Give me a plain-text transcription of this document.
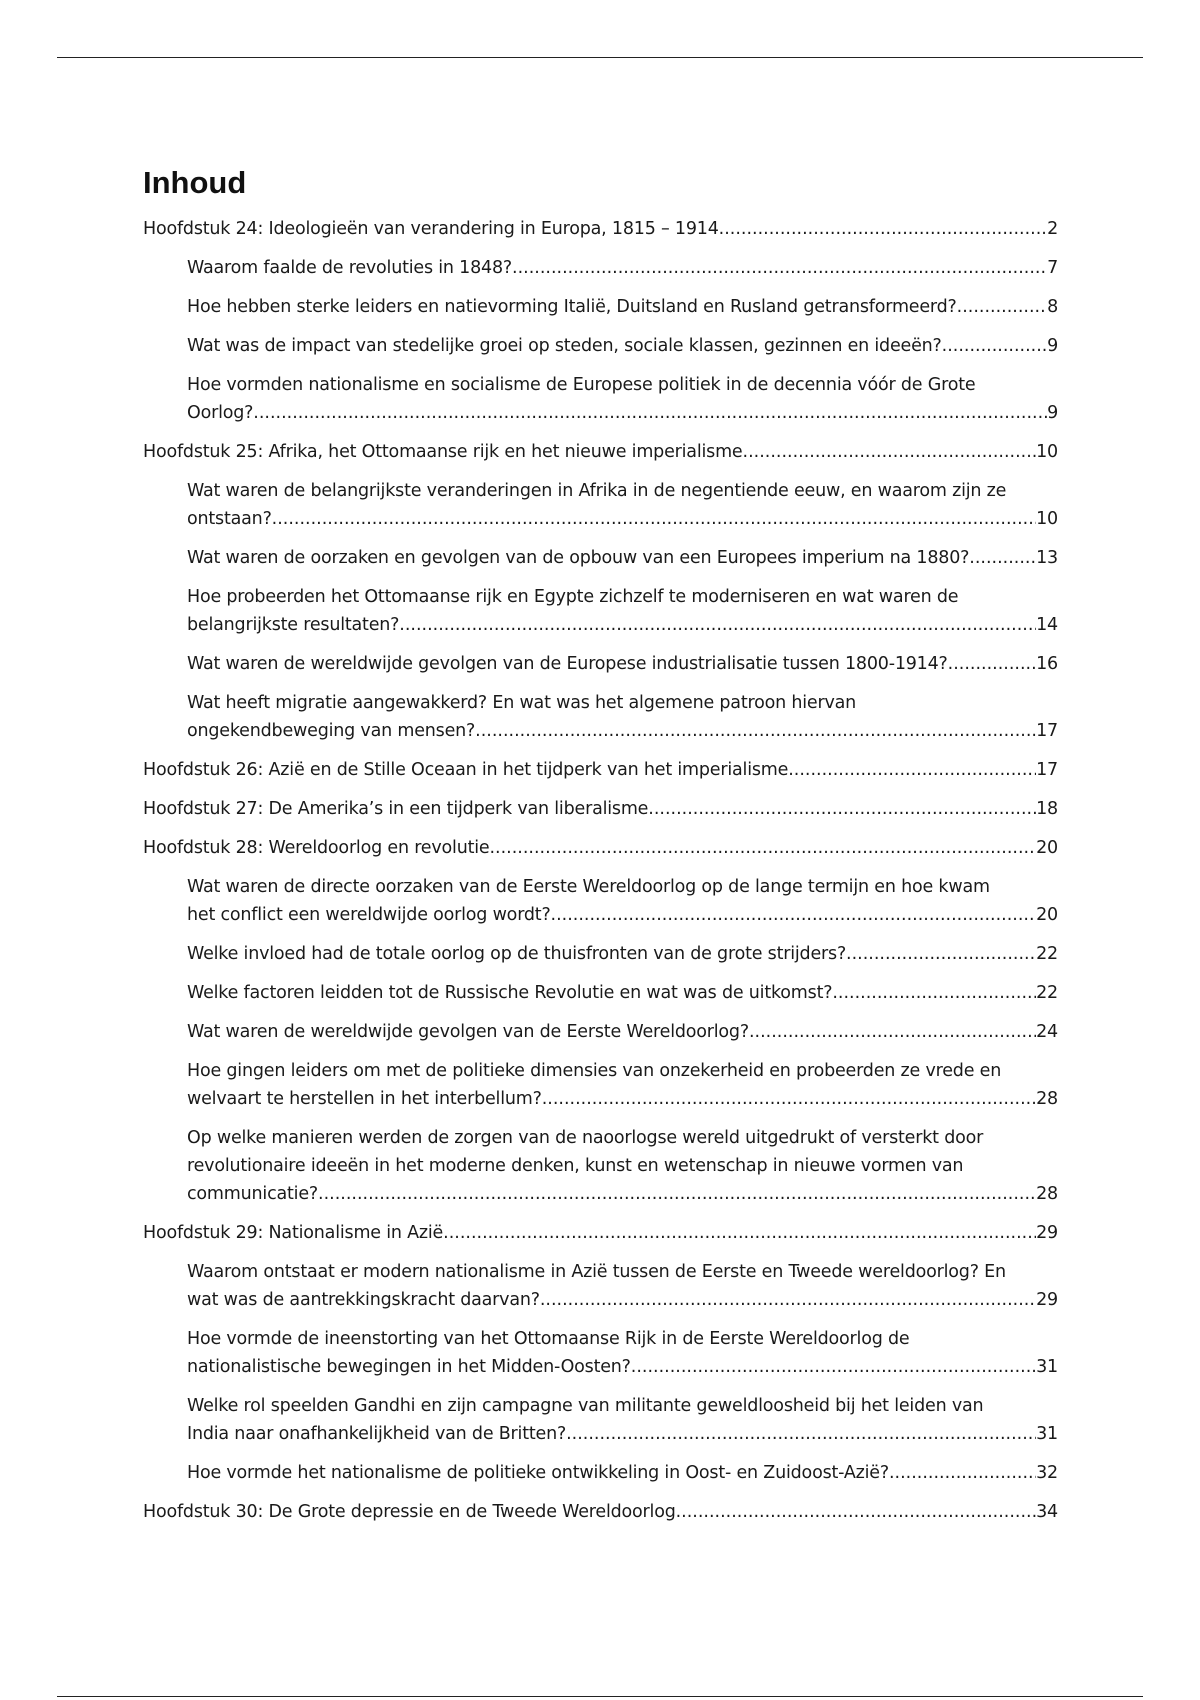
Inhoud
Hoofdstuk 24: Ideologieën van verandering in Europa, 1815 – 1914 .....	2
Waarom faalde de revoluties in 1848? .....	7
Hoe hebben sterke leiders en natievorming Italië, Duitsland en Rusland getransformeerd? .....	8
Wat was de impact van stedelijke groei op steden, sociale klassen, gezinnen en ideeën? .....	9
Hoe vormden nationalisme en socialisme de Europese politiek in de decennia vóór de Grote
Oorlog? .....	9
Hoofdstuk 25: Afrika, het Ottomaanse rijk en het nieuwe imperialisme .....	10
Wat waren de belangrijkste veranderingen in Afrika in de negentiende eeuw, en waarom zijn ze
ontstaan? .....	10
Wat waren de oorzaken en gevolgen van de opbouw van een Europees imperium na 1880? .....	13
Hoe probeerden het Ottomaanse rijk en Egypte zichzelf te moderniseren en wat waren de
belangrijkste resultaten? .....	14
Wat waren de wereldwijde gevolgen van de Europese industrialisatie tussen 1800-1914? .....	16
Wat heeft migratie aangewakkerd? En wat was het algemene patroon hiervan
ongekendbeweging van mensen? .....	17
Hoofdstuk 26: Azië en de Stille Oceaan in het tijdperk van het imperialisme .....	17
Hoofdstuk 27: De Amerika’s in een tijdperk van liberalisme .....	18
Hoofdstuk 28: Wereldoorlog en revolutie .....	20
Wat waren de directe oorzaken van de Eerste Wereldoorlog op de lange termijn en hoe kwam
het conflict een wereldwijde oorlog wordt? .....	20
Welke invloed had de totale oorlog op de thuisfronten van de grote strijders? .....	22
Welke factoren leidden tot de Russische Revolutie en wat was de uitkomst? .....	22
Wat waren de wereldwijde gevolgen van de Eerste Wereldoorlog? .....	24
Hoe gingen leiders om met de politieke dimensies van onzekerheid en probeerden ze vrede en
welvaart te herstellen in het interbellum? .....	28
Op welke manieren werden de zorgen van de naoorlogse wereld uitgedrukt of versterkt door
revolutionaire ideeën in het moderne denken, kunst en wetenschap in nieuwe vormen van
communicatie? .....	28
Hoofdstuk 29: Nationalisme in Azië .....	29
Waarom ontstaat er modern nationalisme in Azië tussen de Eerste en Tweede wereldoorlog? En
wat was de aantrekkingskracht daarvan? .....	29
Hoe vormde de ineenstorting van het Ottomaanse Rijk in de Eerste Wereldoorlog de
nationalistische bewegingen in het Midden-Oosten? .....	31
Welke rol speelden Gandhi en zijn campagne van militante geweldloosheid bij het leiden van
India naar onafhankelijkheid van de Britten? .....	31
Hoe vormde het nationalisme de politieke ontwikkeling in Oost- en Zuidoost-Azië? .....	32
Hoofdstuk 30: De Grote depressie en de Tweede Wereldoorlog .....	34
